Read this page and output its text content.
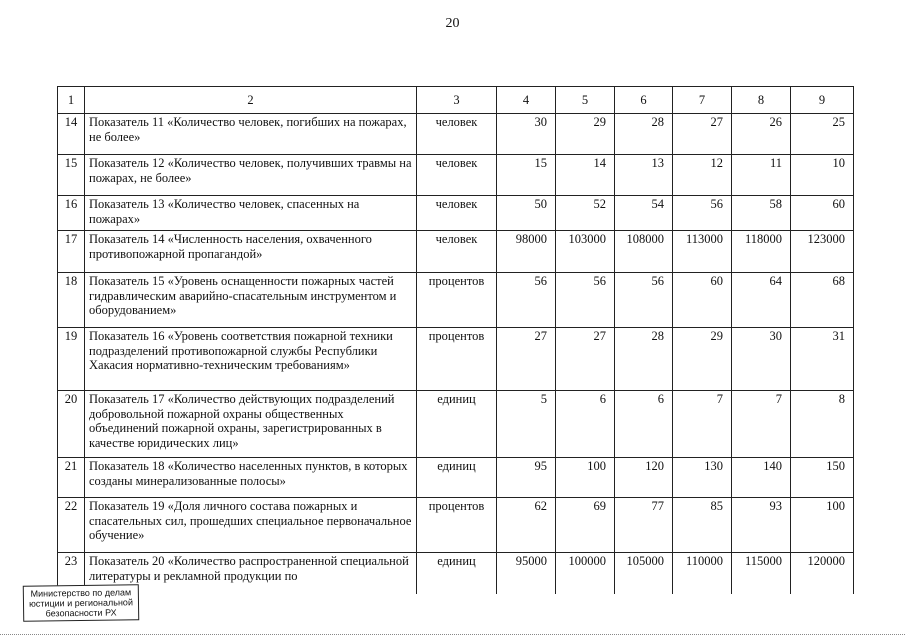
20
1	2	3	4	5	6	7	8	9
14	Показатель 11 «Количество человек, погибших на пожарах, не более»	человек	30	29	28	27	26	25
15	Показатель 12 «Количество человек, получивших травмы на пожарах, не более»	человек	15	14	13	12	11	10
16	Показатель 13 «Количество человек, спасенных на пожарах»	человек	50	52	54	56	58	60
17	Показатель 14 «Численность населения, охваченного противопожарной пропагандой»	человек	98000	103000	108000	113000	118000	123000
18	Показатель 15 «Уровень оснащенности пожарных частей гидравлическим аварийно-спасательным инструментом и оборудованием»	процентов	56	56	56	60	64	68
19	Показатель 16 «Уровень соответствия пожарной техники подразделений противопожарной службы Республики Хакасия нормативно-техническим требованиям»	процентов	27	27	28	29	30	31
20	Показатель 17 «Количество действующих подразделений добровольной пожарной охраны общественных объединений пожарной охраны, зарегистрированных в качестве юридических лиц»	единиц	5	6	6	7	7	8
21	Показатель 18 «Количество населенных пунктов, в которых созданы минерализованные полосы»	единиц	95	100	120	130	140	150
22	Показатель 19 «Доля личного состава пожарных и спасательных сил, прошедших специальное первоначальное обучение»	процентов	62	69	77	85	93	100
23	Показатель 20 «Количество распространенной специальной литературы и рекламной продукции по	единиц	95000	100000	105000	110000	115000	120000
Министерство по делам
юстиции и региональной
безопасности РХ
